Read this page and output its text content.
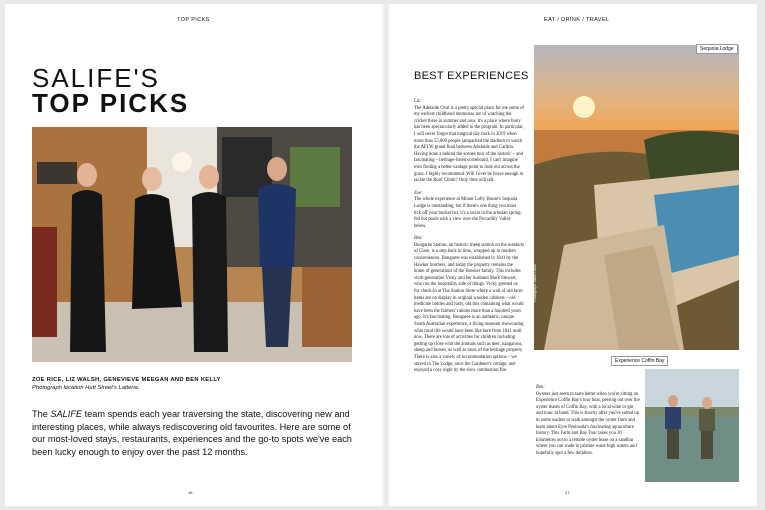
TOP PICKS
SALIFE'S
TOP PICKS
ZOE RICE, LIZ WALSH, GENEVIEVE MEEGAN AND BEN KELLY
Photograph location Hutt Street's Latteria.
The SALIFE team spends each year traversing the state, discovering new and interesting places, while always rediscovering old favourites. Here are some of our most-loved stays, restaurants, experiences and the go-to spots we've each been lucky enough to enjoy over the past 12 months.
16
EAT / DRINK / TRAVEL
BEST EXPERIENCES

Liz:
The Adelaide Oval is a pretty special place for me some of my earliest childhood memories are of watching the cricket there in summer and now, it's a place where footy has been spectacularly added to the program. In particular, I will never forget that magical day back in 2019 when more than 55,000 people jampacked the stadium to watch the AFLW grand final between Adelaide and Carlton. Having done a behind the scenes tour of the historic – and fascinating – heritage-listed scoreboard, I can't imagine ever finding a better vantage point to look out across the grass. I highly recommend. Will I ever be brave enough to tackle the Roof Climb? Only time will tell.

Zoe:
The whole experience at Mount Lofty House's Sequoia Lodge is outstanding, but if there's one thing you must tick off your bucket list, it's a swim in the artesian spring-fed hot pools with a view over the Piccadilly Valley below.

Ben:
Bungaree Station, an historic sheep station on the outskirts of Clare, is a step back in time, wrapped up in modern conveniences. Bungaree was established in 1841 by the Hawker brothers, and today the property remains the home of generations of the Hawker family. This includes sixth-generation Vicky and her husband Mark Stewart, who run the hospitality side of things. Vicky greeted us for check-in at The Station Store where a wall of old farm items are on display in original wooden cabinets – old medicine bottles and rusty, old tins containing what would have been the farmers' rations more than a hundred years ago. It's fascinating. Bungaree is an authentic, unique South Australian experience, a living museum showcasing what rural life would have been like here from 1841 until now. There are lots of activities for children including getting up close with the animals such as deer, kangaroos, sheep and horses, as well as tours of the heritage property. There is also a variety of accommodation options – we stayed in The Lodge, once the Gardener's cottage, and enjoyed a cosy night by the slow combustion fire.

Sequoia Lodge
Photograph Julian Cebo

Ben:
Oysters just seem to taste better when you're sitting on Experience Coffin Bay's tour boat, peering out over the oyster leases of Coffin Bay, with a local wine or gin and tonic in hand. This is shortly after you've suited up in some waders to walk amongst the oyster farm and learn about Eyre Peninsula's fascinating aquaculture history. This Farm and Bay Tour takes you 26 kilometres out to a remote oyster lease on a sandbar where you can wade in pristine waist-high waters and hopefully spot a few dolphins.

Experience Coffin Bay
17
